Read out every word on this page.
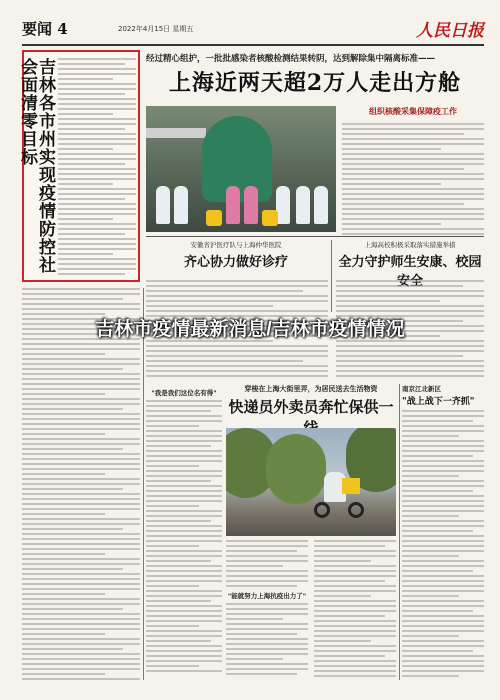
要闻 4	2022年4月15日 星期五	人民日报
吉林各市州实现疫情防控社会面清零目标	经过精心组护，一批批感染者核酸检测结果转阴，达到解除集中隔离标准——
上海近两天超2万人走出方舱
组织核酸采集保障疫工作
安徽省沪医疗队与上海仲华医院
齐心协力做好诊疗
上海高校积极采取落实措施举措
全力守护师生安康、校园
"我是我们这位名有得"	穿梭在上海大街里弄，为居民送去生活物资
快递员外卖员奔忙保供一
"能就努力上海抗疫出力了"
南京江北新区
"战上战下一齐抓"
吉林市疫情最新消息/吉林市疫情情况
